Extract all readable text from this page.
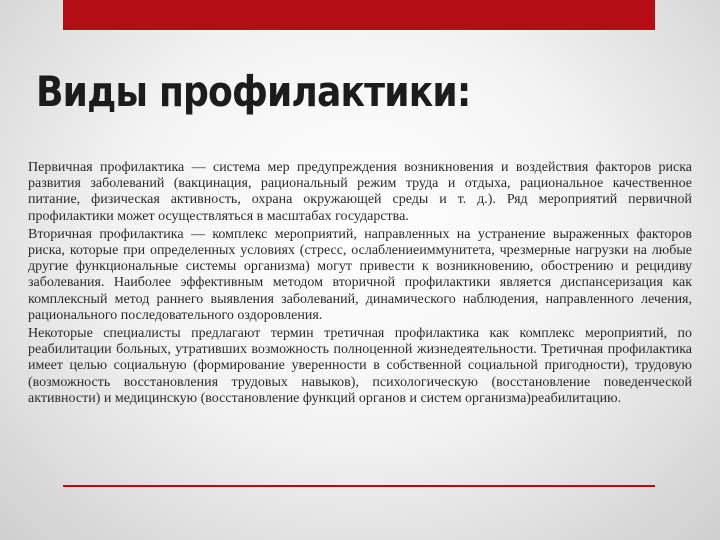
Виды профилактики:

Первичная профилактика — система мер предупреждения возникновения и воздействия факторов риска развития заболеваний (вакцинация, рациональный режим труда и отдыха, рациональное качественное питание, физическая активность, охрана окружающей среды и т. д.). Ряд мероприятий первичной профилактики может осуществляться в масштабах государства.

Вторичная профилактика — комплекс мероприятий, направленных на устранение выраженных факторов риска, которые при определенных условиях (стресс, ослаблениеиммунитета, чрезмерные нагрузки на любые другие функциональные системы организма) могут привести к возникновению, обострению и рецидиву заболевания. Наиболее эффективным методом вторичной профилактики является диспансеризация как комплексный метод раннего выявления заболеваний, динамического наблюдения, направленного лечения, рационального последовательного оздоровления.

Некоторые специалисты предлагают термин третичная профилактика как комплекс мероприятий, по реабилитации больных, утративших возможность полноценной жизнедеятельности. Третичная профилактика имеет целью социальную (формирование уверенности в собственной социальной пригодности), трудовую (возможность восстановления трудовых навыков), психологическую (восстановление поведенческой активности) и медицинскую (восстановление функций органов и систем организма)реабилитацию.
